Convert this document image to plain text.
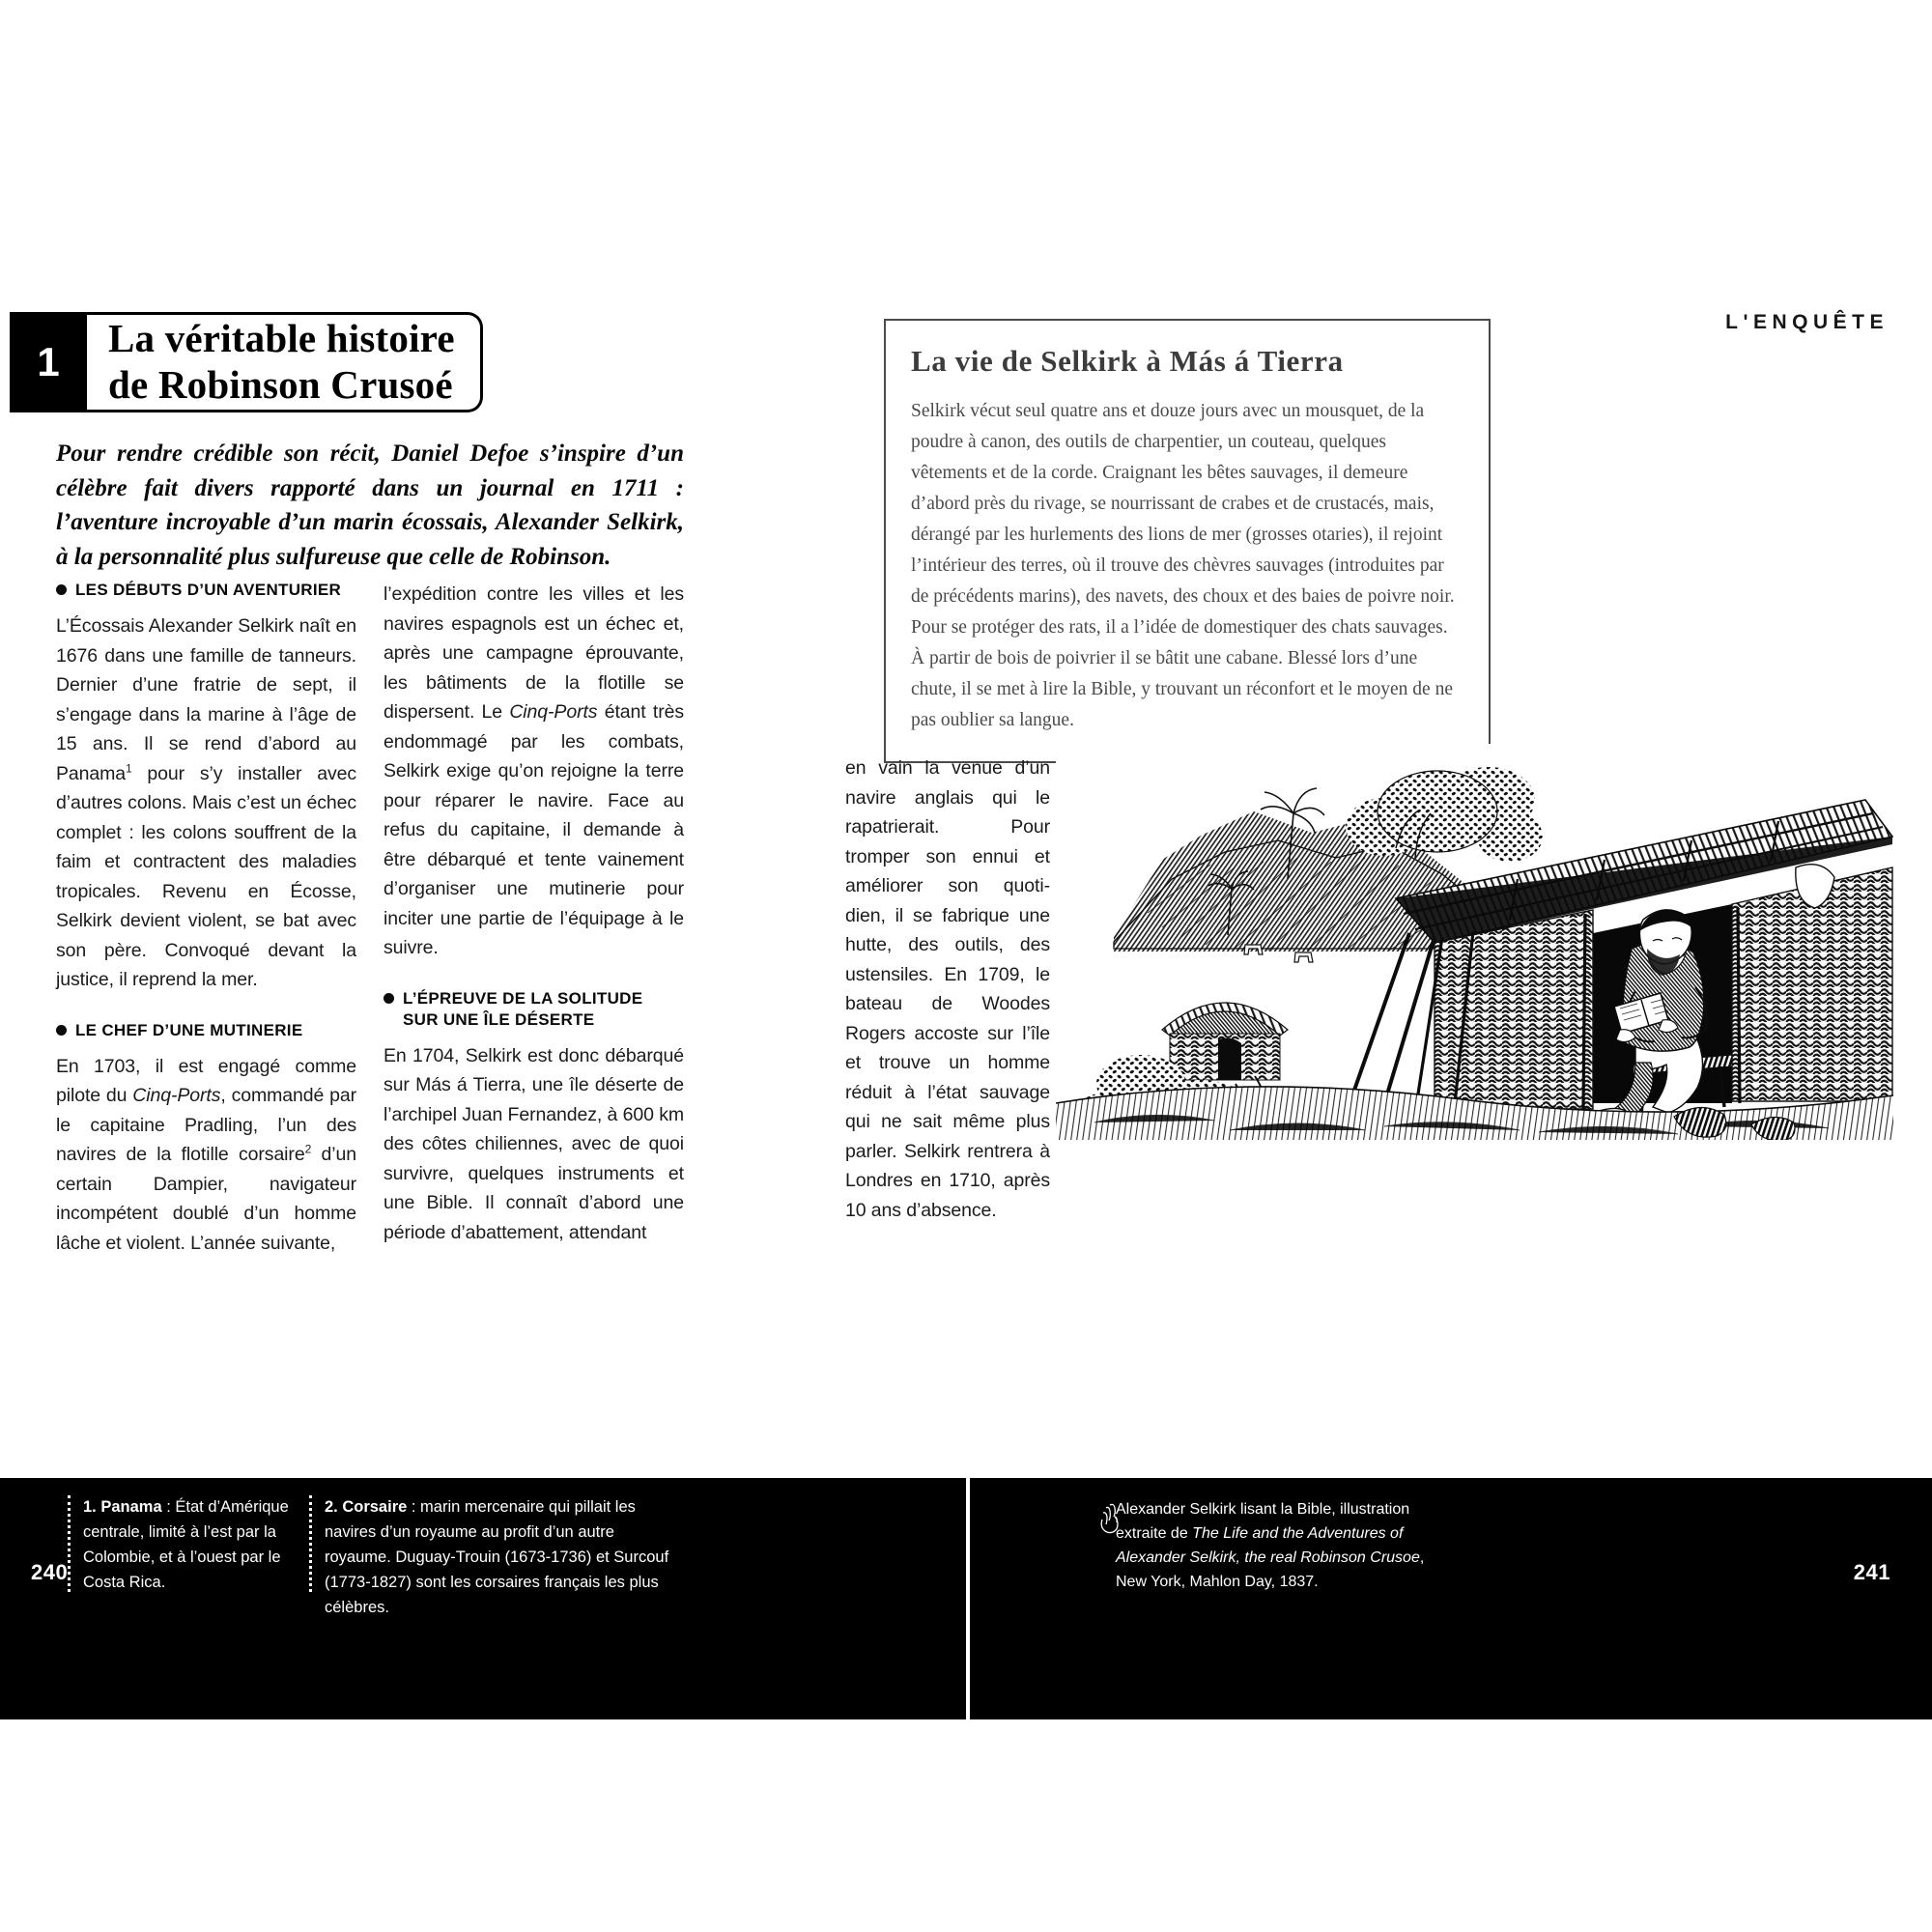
L'ENQUÊTE
1
La véritable histoire
de Robinson Crusoé
Pour rendre crédible son récit, Daniel Defoe s’inspire d’un célèbre fait divers rapporté dans un journal en 1711 : l’aventure incroyable d’un marin écossais, Alexander Selkirk, à la personnalité plus sulfureuse que celle de Robinson.
LES DÉBUTS D’UN AVENTURIER

L’Écossais Alexander Selkirk naît en 1676 dans une famille de tanneurs. Dernier d’une fratrie de sept, il s’engage dans la marine à l’âge de 15 ans. Il se rend d’abord au Panama$^1$ pour s’y installer avec d’autres colons. Mais c’est un échec complet : les colons souffrent de la faim et contractent des maladies tropicales. Revenu en Écosse, Selkirk devient violent, se bat avec son père. Convoqué devant la justice, il reprend la mer.

LE CHEF D’UNE MUTINERIE

En 1703, il est engagé comme pilote du Cinq-Ports, commandé par le capitaine Pradling, l’un des navires de la flotille corsaire$^2$ d’un certain Dampier, navigateur incompétent doublé d’un homme lâche et violent. L’année suivante,

l’expédition contre les villes et les navires espagnols est un échec et, après une campagne éprouvante, les bâtiments de la flotille se dispersent. Le Cinq-Ports étant très endommagé par les combats, Selkirk exige qu’on rejoigne la terre pour réparer le navire. Face au refus du capitaine, il demande à être débarqué et tente vainement d’organiser une mutinerie pour inciter une partie de l’équipage à le suivre.

L’ÉPREUVE DE LA SOLITUDE
SUR UNE ÎLE DÉSERTE

En 1704, Selkirk est donc débarqué sur Más á Tierra, une île déserte de l’archipel Juan Fernandez, à 600 km des côtes chiliennes, avec de quoi survivre, quelques instruments et une Bible. Il connaît d’abord une période d’abattement, attendant

La vie de Selkirk à Más á Tierra

Selkirk vécut seul quatre ans et douze jours avec un mousquet, de la poudre à canon, des outils de charpentier, un couteau, quelques vêtements et de la corde. Craignant les bêtes sauvages, il demeure d’abord près du rivage, se nourrissant de crabes et de crustacés, mais, dérangé par les hurlements des lions de mer (grosses otaries), il rejoint l’intérieur des terres, où il trouve des chèvres sauvages (introduites par de précédents marins), des navets, des choux et des baies de poivre noir. Pour se protéger des rats, il a l’idée de domestiquer des chats sauvages. À partir de bois de poivrier il se bâtit une cabane. Blessé lors d’une chute, il se met à lire la Bible, y trouvant un réconfort et le moyen de ne pas oublier sa langue.

en vain la venue d’un navire anglais qui le rapatrierait. Pour tromper son ennui et améliorer son quoti-dien, il se fabrique une hutte, des outils, des ustensiles. En 1709, le bateau de Woodes Rogers accoste sur l’île et trouve un homme réduit à l’état sauvage qui ne sait même plus parler. Selkirk rentrera à Londres en 1710, après 10 ans d’absence.
1. Panama : État d’Amérique centrale, limité à l’est par la Colombie, et à l’ouest par le Costa Rica.
2. Corsaire : marin mercenaire qui pillait les navires d’un royaume au profit d’un autre royaume. Duguay-Trouin (1673-1736) et Surcouf (1773-1827) sont les corsaires français les plus célèbres.
240	241
Alexander Selkirk lisant la Bible, illustration extraite de The Life and the Adventures of Alexander Selkirk, the real Robinson Crusoe, New York, Mahlon Day, 1837.
